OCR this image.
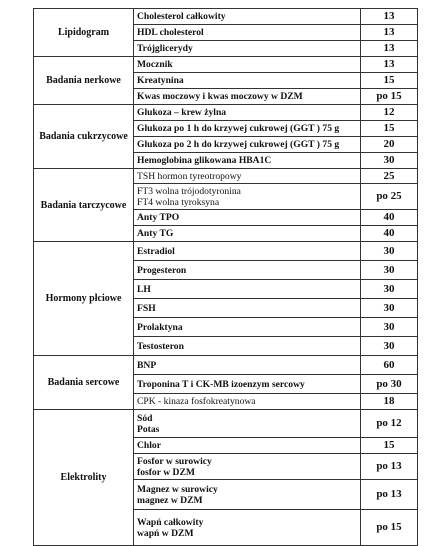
Lipidogram	Cholesterol całkowity	13

	HDL cholesterol	13

	Trójglicerydy	13
Badania nerkowe	Mocznik	13

	Kreatynina	15

	Kwas moczowy i kwas moczowy w DZM	po 15
Badania cukrzycowe	Glukoza – krew żylna	12

	Glukoza po 1 h do krzywej cukrowej (GGT ) 75 g	15

	Glukoza po 2 h do krzywej cukrowej (GGT ) 75 g	20

	Hemoglobina glikowana HBA1C	30
Badania tarczycowe	TSH hormon tyreotropowy	25

	FT3 wolna trójodotyronina
FT4 wolna tyroksyna	po 25

	Anty TPO	40

	Anty TG	40
Hormony płciowe	Estradiol	30

	Progesteron	30

	LH	30

	FSH	30

	Prolaktyna	30

	Testosteron	30
Badania sercowe	BNP	60

	Troponina T i CK-MB izoenzym sercowy	po 30

	CPK - kinaza fosfokreatynowa	18
Elektrolity	Sód
Potas	po 12

	Chlor	15

	Fosfor w surowicy
fosfor w DZM	po 13

	Magnez w surowicy
magnez w DZM	po 13

	Wapń całkowity
wapń w DZM	po 15
